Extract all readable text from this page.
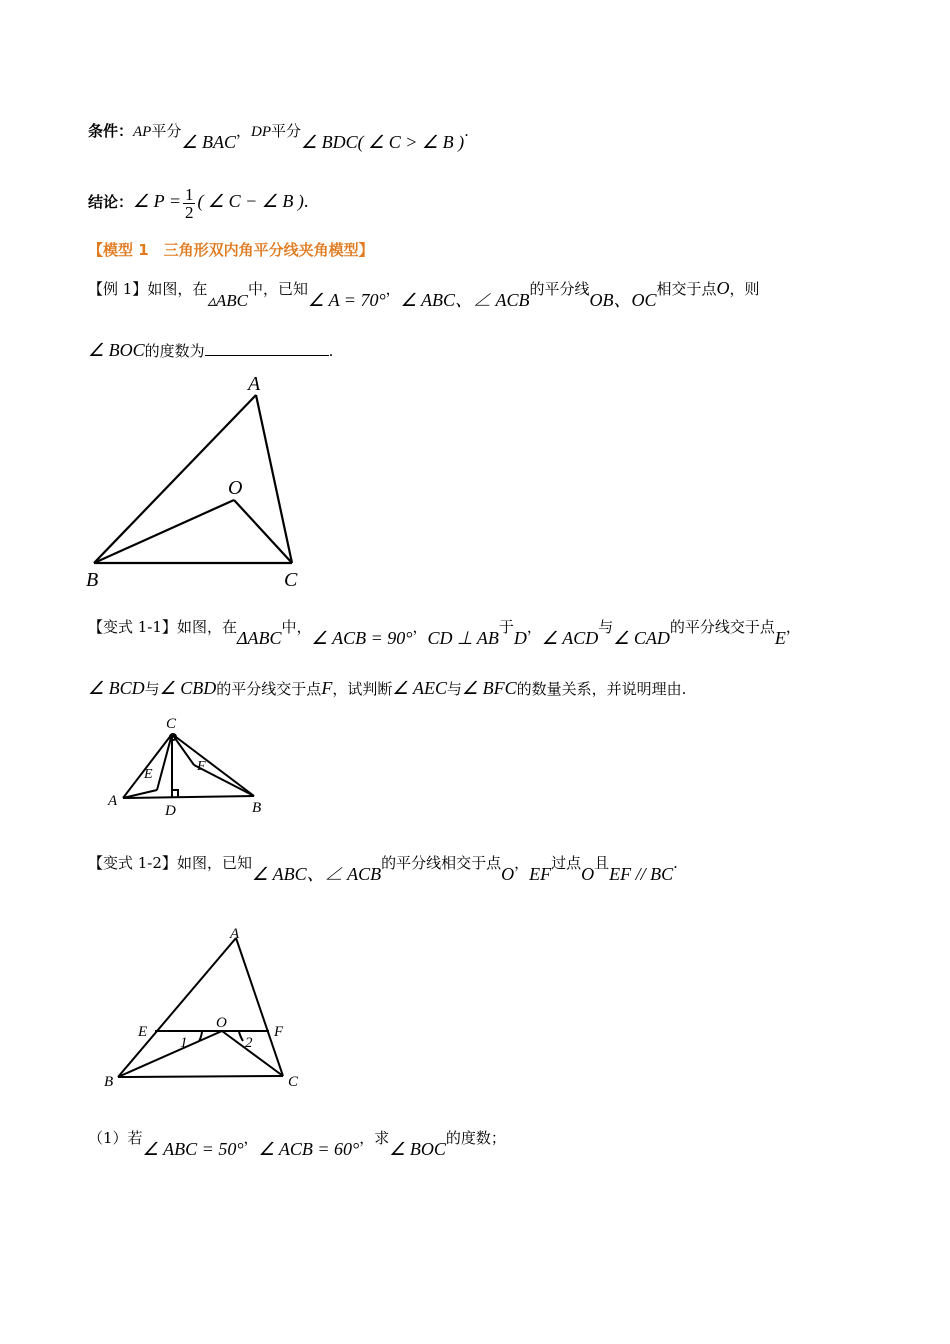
条件：AP平分∠ BAC，DP平分∠ BDC( ∠ C > ∠ B ).
结论：∠ $P = \frac{1}{2}$ ( ∠ C − ∠ B ).
【模型 1　三角形双内角平分线夹角模型】
【例 1】如图，在▵ABC中，已知∠ A = 70°，∠ ABC、∠ ACB的平分线OB、OC相交于点O，则
∠ BOC的度数为	.
A
O
B	C
【变式 1-1】如图，在ΔABC中，∠ ACB = 90°，CD ⊥ AB于D，∠ ACD与∠ CAD的平分线交于点E，
∠ BCD与∠ CBD的平分线交于点F，试判断∠ AEC与∠ BFC的数量关系，并说明理由.
C
E
F
A
D	B
【变式 1-2】如图，已知∠ ABC、∠ ACB的平分线相交于点O，EF过点O且EF // BC.
A
E
O
F
1	2
B	C
（1）若∠ ABC = 50°，∠ ACB = 60°，求∠ BOC的度数；
